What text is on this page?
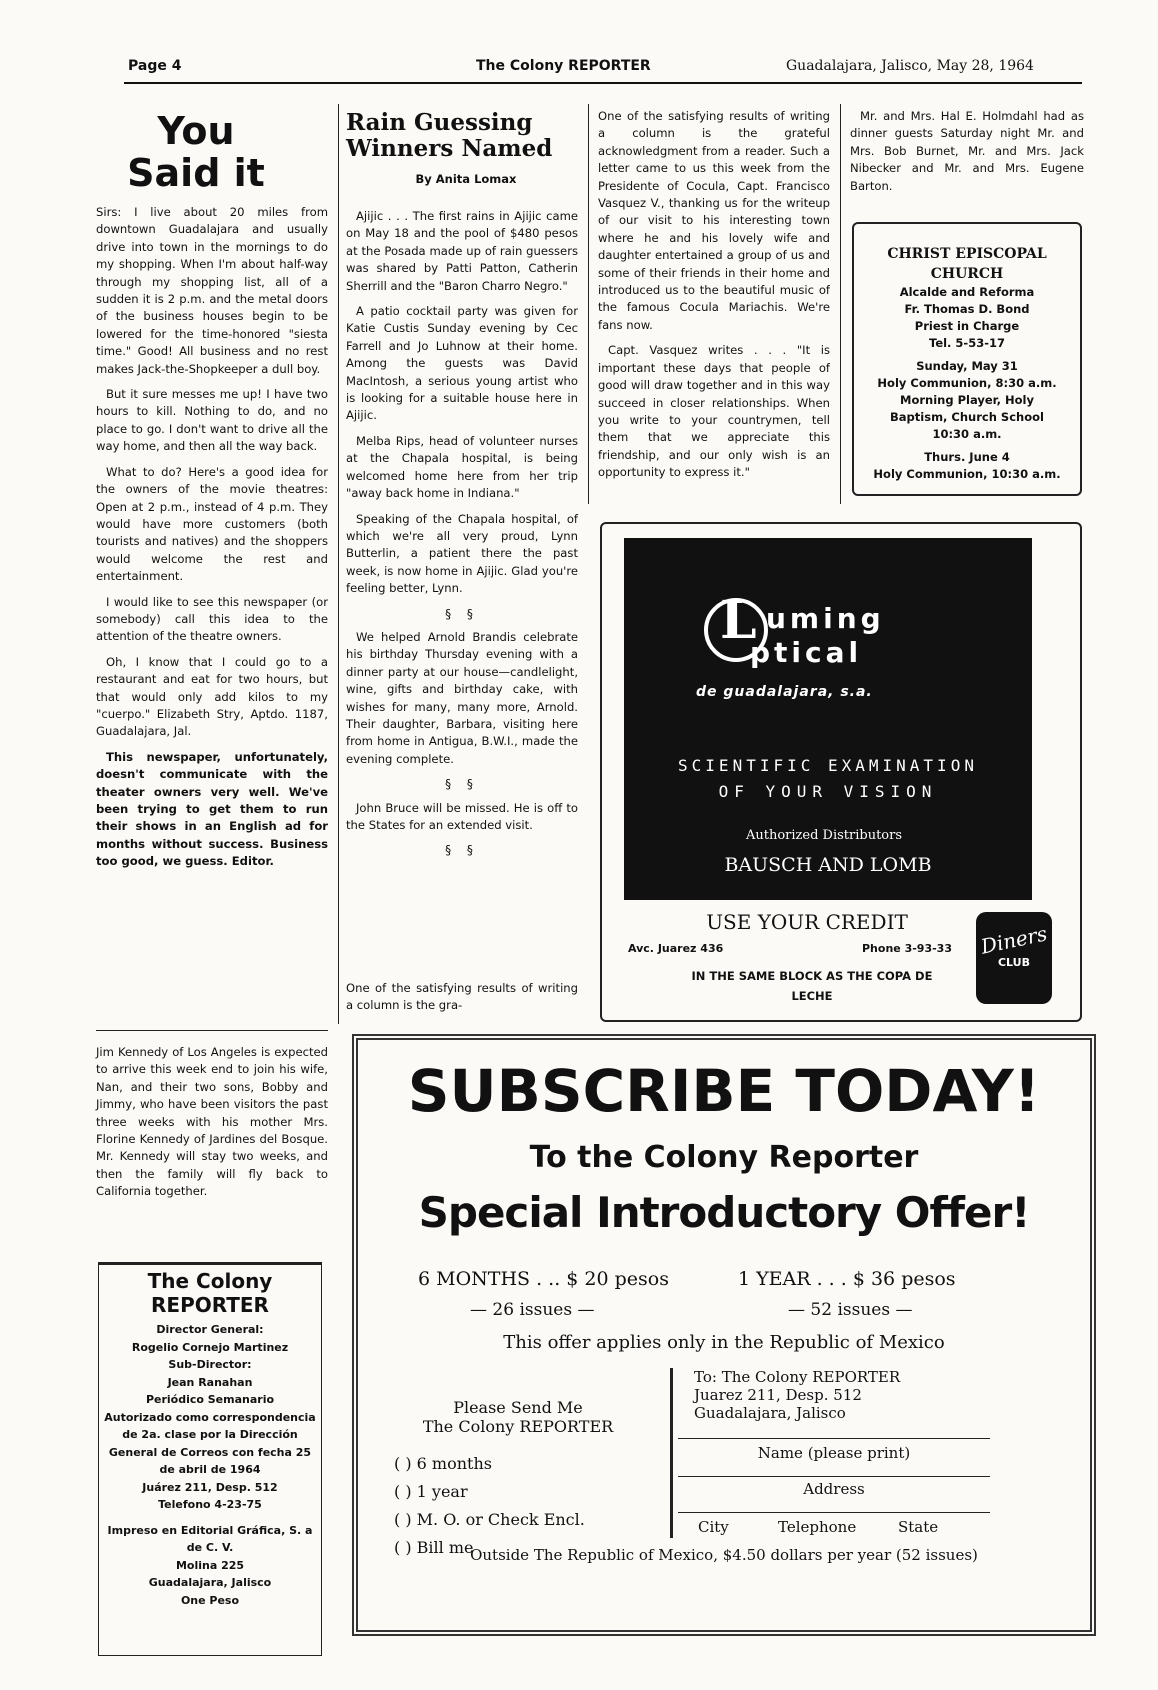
Page 4	The Colony REPORTER	Guadalajara, Jalisco, May 28, 1964
You
Said it

Sirs: I live about 20 miles from downtown Guadalajara and usually drive into town in the mornings to do my shopping. When I'm about half-way through my shopping list, all of a sudden it is 2 p.m. and the metal doors of the business houses begin to be lowered for the time-honored "siesta time." Good! All business and no rest makes Jack-the-Shopkeeper a dull boy.

But it sure messes me up! I have two hours to kill. Nothing to do, and no place to go. I don't want to drive all the way home, and then all the way back.

What to do? Here's a good idea for the owners of the movie theatres: Open at 2 p.m., instead of 4 p.m. They would have more customers (both tourists and natives) and the shoppers would welcome the rest and entertainment.

I would like to see this newspaper (or somebody) call this idea to the attention of the theatre owners.

Oh, I know that I could go to a restaurant and eat for two hours, but that would only add kilos to my "cuerpo." Elizabeth Stry, Aptdo. 1187, Guadalajara, Jal.

This newspaper, unfortunately, doesn't communicate with the theater owners very well. We've been trying to get them to run their shows in an English ad for months without success. Business too good, we guess. Editor.

Jim Kennedy of Los Angeles is expected to arrive this week end to join his wife, Nan, and their two sons, Bobby and Jimmy, who have been visitors the past three weeks with his mother Mrs. Florine Kennedy of Jardines del Bosque. Mr. Kennedy will stay two weeks, and then the family will fly back to California together.

The Colony REPORTER
Director General:
Rogelio Cornejo Martinez
Sub-Director:
Jean Ranahan
Periódico Semanario
Autorizado como correspondencia de 2a. clase por la Dirección General de Correos con fecha 25 de abril de 1964
Juárez 211, Desp. 512
Telefono 4-23-75
Impreso en Editorial Gráfica, S. a de C. V.
Molina 225
Guadalajara, Jalisco
One Peso
Rain Guessing Winners Named
By Anita Lomax

Ajijic . . . The first rains in Ajijic came on May 18 and the pool of $480 pesos at the Posada made up of rain guessers was shared by Patti Patton, Catherin Sherrill and the "Baron Charro Negro."

A patio cocktail party was given for Katie Custis Sunday evening by Cec Farrell and Jo Luhnow at their home. Among the guests was David MacIntosh, a serious young artist who is looking for a suitable house here in Ajijic.

Melba Rips, head of volunteer nurses at the Chapala hospital, is being welcomed home here from her trip "away back home in Indiana."

Speaking of the Chapala hospital, of which we're all very proud, Lynn Butterlin, a patient there the past week, is now home in Ajijic. Glad you're feeling better, Lynn.

§ §

We helped Arnold Brandis celebrate his birthday Thursday evening with a dinner party at our house—candlelight, wine, gifts and birthday cake, with wishes for many, many more, Arnold. Their daughter, Barbara, visiting here from home in Antigua, B.W.I., made the evening complete.

§ §

John Bruce will be missed. He is off to the States for an extended visit.

§ §

One of the satisfying results of writing a column is the gra-

One of the satisfying results of writing a column is the grateful acknowledgment from a reader. Such a letter came to us this week from the Presidente of Cocula, Capt. Francisco Vasquez V., thanking us for the writeup of our visit to his interesting town where he and his lovely wife and daughter entertained a group of us and some of their friends in their home and introduced us to the beautiful music of the famous Cocula Mariachis. We're fans now.

Capt. Vasquez writes . . . "It is important these days that people of good will draw together and in this way succeed in closer relationships. When you write to your countrymen, tell them that we appreciate this friendship, and our only wish is an opportunity to express it."

Mr. and Mrs. Hal E. Holmdahl had as dinner guests Saturday night Mr. and Mrs. Bob Burnet, Mr. and Mrs. Jack Nibecker and Mr. and Mrs. Eugene Barton.

CHRIST EPISCOPAL
CHURCH
Alcalde and Reforma
Fr. Thomas D. Bond
Priest in Charge
Tel. 5-53-17
Sunday, May 31
Holy Communion, 8:30 a.m.
Morning Player, Holy Baptism, Church School
10:30 a.m.
Thurs. June 4
Holy Communion, 10:30 a.m.
L uming
ptical
de guadalajara, s.a.
SCIENTIFIC EXAMINATION
OF YOUR VISION
Authorized Distributors
BAUSCH AND LOMB
USE YOUR CREDIT
Avc. Juarez 436	Phone 3-93-33
IN THE SAME BLOCK AS THE COPA DE
LECHE
Diners
CLUB
SUBSCRIBE TODAY!
To the Colony Reporter
Special Introductory Offer!
6 MONTHS . .. $ 20 pesos
— 26 issues —
1 YEAR . . . $ 36 pesos
— 52 issues —
This offer applies only in the Republic of Mexico
Please Send Me
The Colony REPORTER
( ) 6 months
( ) 1 year
( ) M. O. or Check Encl.
( ) Bill me
To: The Colony REPORTER
Juarez 211, Desp. 512
Guadalajara, Jalisco
Name (please print)
Address
City	Telephone	State
Outside The Republic of Mexico, $4.50 dollars per year (52 issues)
